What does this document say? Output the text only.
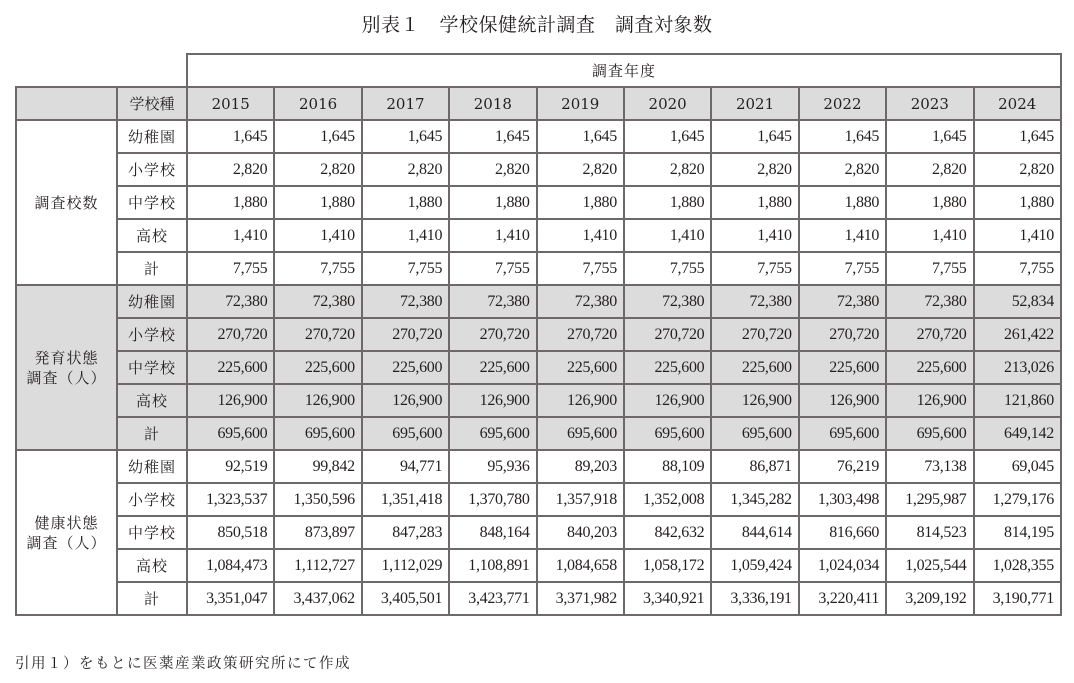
別表１　学校保健統計調査　調査対象数
		調査年度									
	学校種	2015	2016	2017	2018	2019	2020	2021	2022	2023	2024
調査校数	幼稚園	1,645	1,645	1,645	1,645	1,645	1,645	1,645	1,645	1,645	1,645
	小学校	2,820	2,820	2,820	2,820	2,820	2,820	2,820	2,820	2,820	2,820
	中学校	1,880	1,880	1,880	1,880	1,880	1,880	1,880	1,880	1,880	1,880
	高校	1,410	1,410	1,410	1,410	1,410	1,410	1,410	1,410	1,410	1,410
	計	7,755	7,755	7,755	7,755	7,755	7,755	7,755	7,755	7,755	7,755

発育状態
調査（人）	幼稚園	72,380	72,380	72,380	72,380	72,380	72,380	72,380	72,380	72,380	52,834
	小学校	270,720	270,720	270,720	270,720	270,720	270,720	270,720	270,720	270,720	261,422
	中学校	225,600	225,600	225,600	225,600	225,600	225,600	225,600	225,600	225,600	213,026
	高校	126,900	126,900	126,900	126,900	126,900	126,900	126,900	126,900	126,900	121,860
	計	695,600	695,600	695,600	695,600	695,600	695,600	695,600	695,600	695,600	649,142

健康状態
調査（人）	幼稚園	92,519	99,842	94,771	95,936	89,203	88,109	86,871	76,219	73,138	69,045
	小学校	1,323,537	1,350,596	1,351,418	1,370,780	1,357,918	1,352,008	1,345,282	1,303,498	1,295,987	1,279,176
	中学校	850,518	873,897	847,283	848,164	840,203	842,632	844,614	816,660	814,523	814,195
	高校	1,084,473	1,112,727	1,112,029	1,108,891	1,084,658	1,058,172	1,059,424	1,024,034	1,025,544	1,028,355
	計	3,351,047	3,437,062	3,405,501	3,423,771	3,371,982	3,340,921	3,336,191	3,220,411	3,209,192	3,190,771
引用１）をもとに医薬産業政策研究所にて作成
